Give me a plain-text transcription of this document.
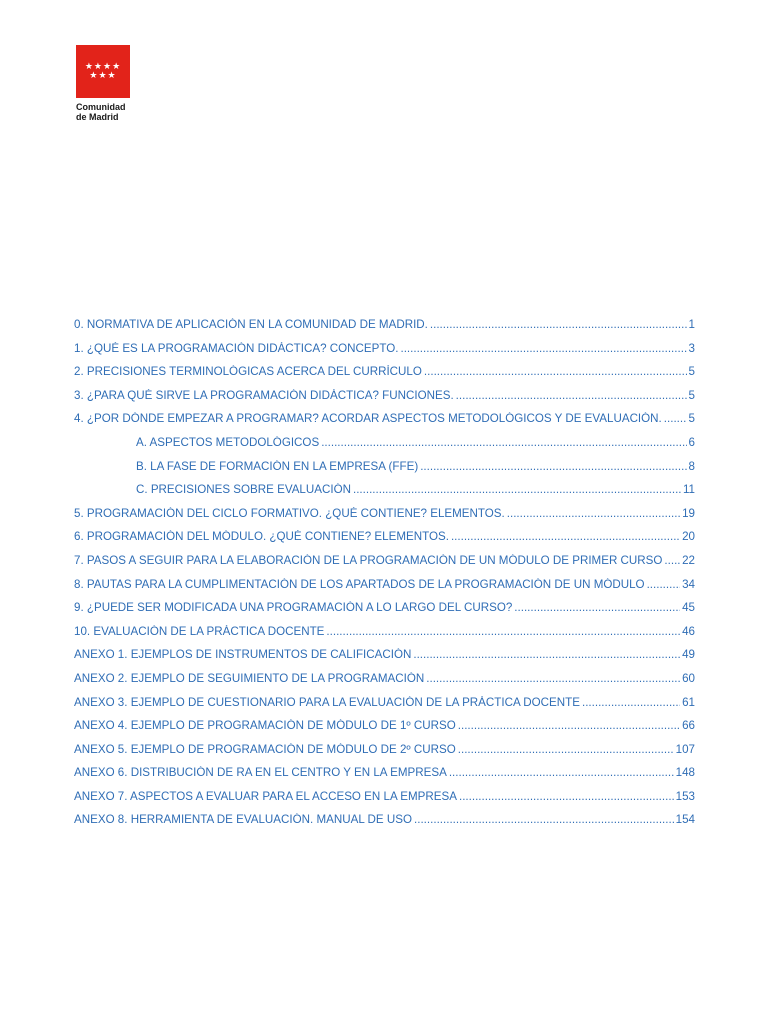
★★★★
★★★
Comunidad
de Madrid
0. NORMATIVA DE APLICACIÓN EN LA COMUNIDAD DE MADRID. .....	1
1. ¿QUÉ ES LA PROGRAMACIÓN DIDÁCTICA? CONCEPTO. .....	3
2. PRECISIONES TERMINOLÓGICAS ACERCA DEL CURRÍCULO .....	5
3. ¿PARA QUÉ SIRVE LA PROGRAMACIÓN DIDÁCTICA? FUNCIONES. .....	5
4. ¿POR DÓNDE EMPEZAR A PROGRAMAR? ACORDAR ASPECTOS METODOLÓGICOS Y DE EVALUACIÓN. ..... 5
A. ASPECTOS METODOLÓGICOS .....	6
B. LA FASE DE FORMACIÓN EN LA EMPRESA (FFE) .....	8
C. PRECISIONES SOBRE EVALUACIÓN .....	11
5. PROGRAMACIÓN DEL CICLO FORMATIVO. ¿QUÉ CONTIENE? ELEMENTOS. .....	19
6. PROGRAMACIÓN DEL MÓDULO. ¿QUÉ CONTIENE? ELEMENTOS. .....	20
7. PASOS A SEGUIR PARA LA ELABORACIÓN DE LA PROGRAMACIÓN DE UN MÓDULO DE PRIMER CURSO ..... 22
8. PAUTAS PARA LA CUMPLIMENTACIÓN DE LOS APARTADOS DE LA PROGRAMACIÓN DE UN MÓDULO .....	34
9. ¿PUEDE SER MODIFICADA UNA PROGRAMACIÓN A LO LARGO DEL CURSO? .....	45
10. EVALUACIÓN DE LA PRÁCTICA DOCENTE .....	46
ANEXO 1. EJEMPLOS DE INSTRUMENTOS DE CALIFICACIÓN .....	49
ANEXO 2. EJEMPLO DE SEGUIMIENTO DE LA PROGRAMACIÓN .....	60
ANEXO 3. EJEMPLO DE CUESTIONARIO PARA LA EVALUACIÓN DE LA PRÁCTICA DOCENTE .....	61
ANEXO 4. EJEMPLO DE PROGRAMACIÓN DE MÓDULO DE 1º CURSO .....	66
ANEXO 5. EJEMPLO DE PROGRAMACIÓN DE MÓDULO DE 2º CURSO .....	107
ANEXO 6. DISTRIBUCIÓN DE RA EN EL CENTRO Y EN LA EMPRESA .....	148
ANEXO 7. ASPECTOS A EVALUAR PARA EL ACCESO EN LA EMPRESA .....	153
ANEXO 8. HERRAMIENTA DE EVALUACIÓN. MANUAL DE USO .....	154
